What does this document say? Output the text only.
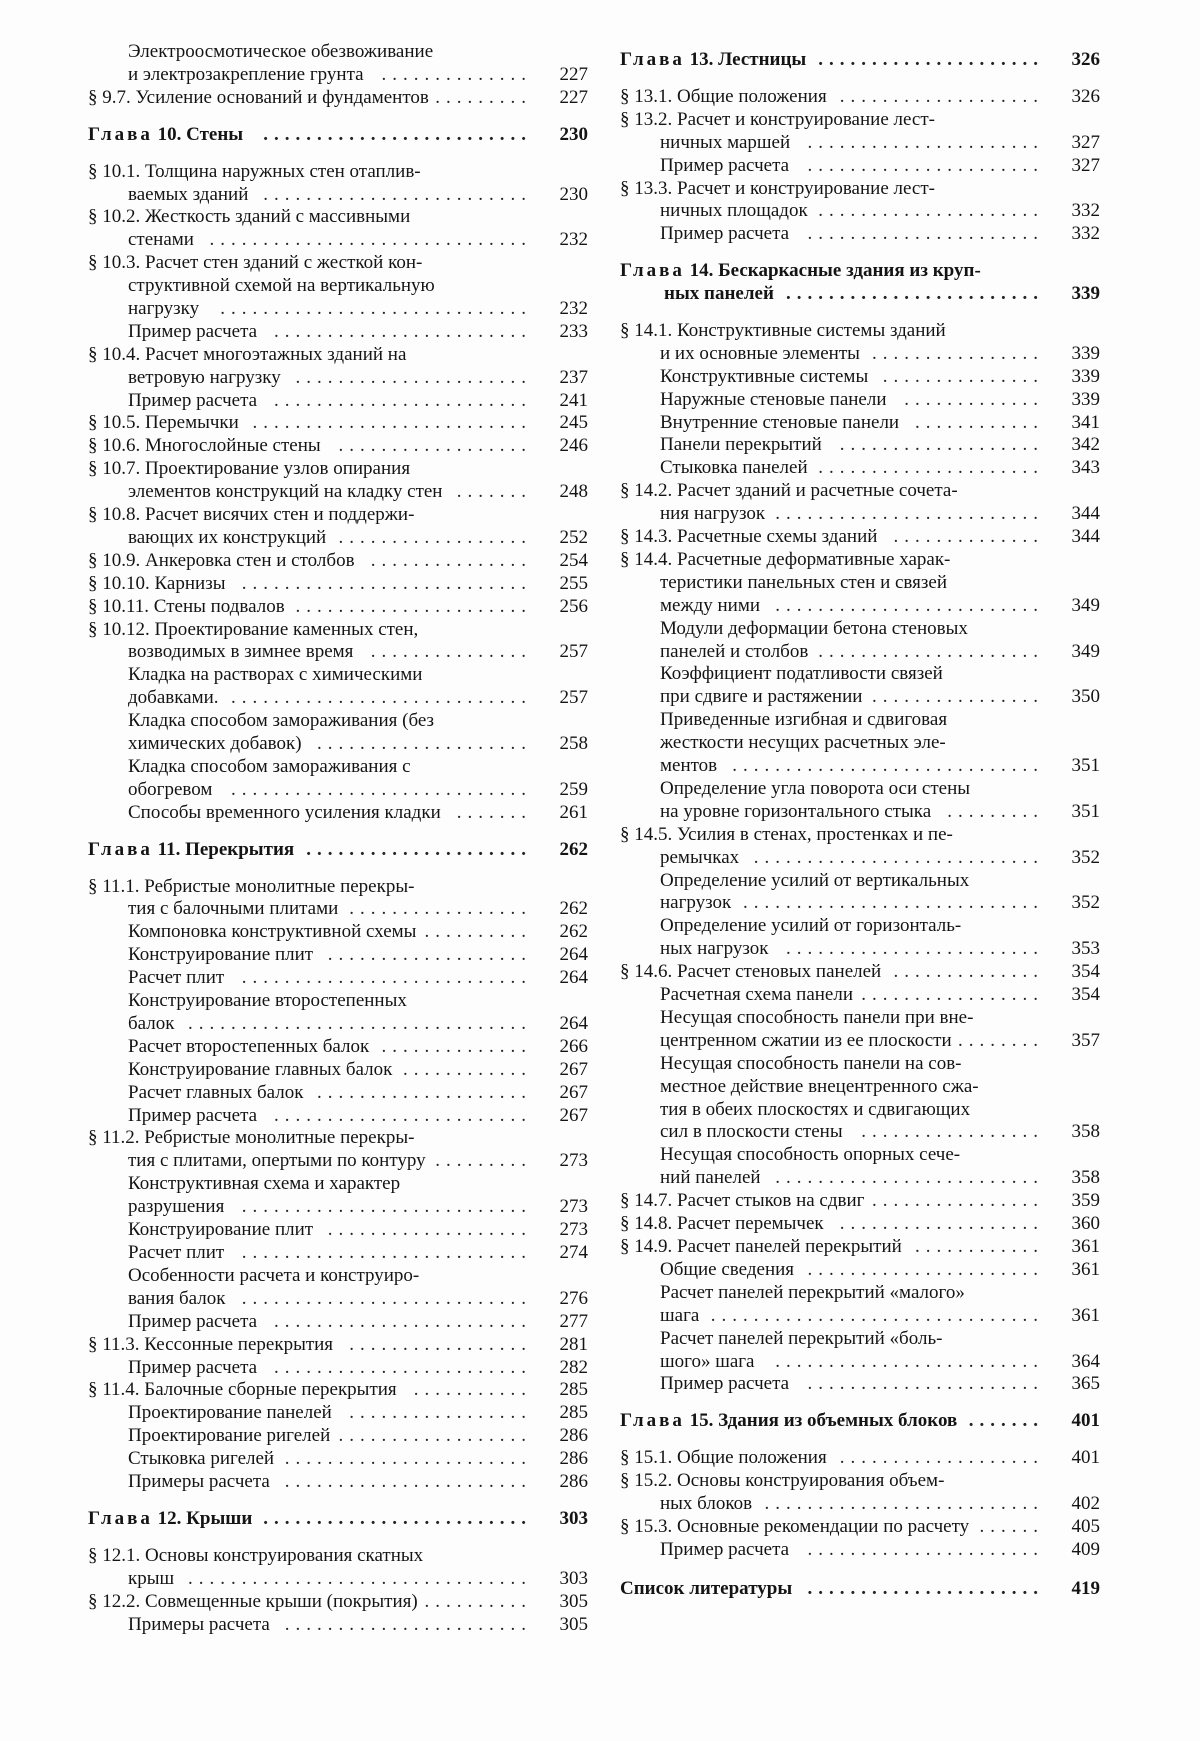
Электроосмотическое обезвоживание
и электрозакрепление грунта ..............	227
§ 9.7. Усиление оснований и фундаментов .........	227
Глава 10. Стены .........................	230
§ 10.1. Толщина наружных стен отаплив-
ваемых зданий .........................	230
§ 10.2. Жесткость зданий с массивными
стенами ..............................	232
§ 10.3. Расчет стен зданий с жесткой кон-
структивной схемой на вертикальную
нагрузку .............................	232
Пример расчета ........................	233
§ 10.4. Расчет многоэтажных зданий на
ветровую нагрузку ......................	237
Пример расчета ........................	241
§ 10.5. Перемычки ..........................	245
§ 10.6. Многослойные стены ..................	246
§ 10.7. Проектирование узлов опирания
элементов конструкций на кладку стен .......	248
§ 10.8. Расчет висячих стен и поддержи-
вающих их конструкций ..................	252
§ 10.9. Анкеровка стен и столбов ...............	254
§ 10.10. Карнизы ...........................	255
§ 10.11. Стены подвалов ......................	256
§ 10.12. Проектирование каменных стен,
возводимых в зимнее время ...............	257
Кладка на растворах с химическими
добавками. ............................	257
Кладка способом замораживания (без
химических добавок) ....................	258
Кладка способом замораживания с
обогревом ............................	259
Способы временного усиления кладки .......	261
Глава 11. Перекрытия .....................	262
§ 11.1. Ребристые монолитные перекры-
тия с балочными плитами .................	262
Компоновка конструктивной схемы ..........	262
Конструирование плит ...................	264
Расчет плит ...........................	264
Конструирование второстепенных
балок ................................	264
Расчет второстепенных балок ..............	266
Конструирование главных балок ............	267
Расчет главных балок ....................	267
Пример расчета ........................	267
§ 11.2. Ребристые монолитные перекры-
тия с плитами, опертыми по контуру .........	273
Конструктивная схема и характер
разрушения ...........................	273
Конструирование плит ...................	273
Расчет плит ...........................	274
Особенности расчета и конструиро-
вания балок ...........................	276
Пример расчета ........................	277
§ 11.3. Кессонные перекрытия .................	281
Пример расчета ........................	282
§ 11.4. Балочные сборные перекрытия ...........	285
Проектирование панелей .................	285
Проектирование ригелей ..................	286
Стыковка ригелей .......................	286
Примеры расчета .......................	286
Глава 12. Крыши .........................	303
§ 12.1. Основы конструирования скатных
крыш ................................	303
§ 12.2. Совмещенные крыши (покрытия) ..........	305
Примеры расчета .......................	305
Глава 13. Лестницы .....................	326
§ 13.1. Общие положения ...................	326
§ 13.2. Расчет и конструирование лест-
ничных маршей ......................	327
Пример расчета ......................	327
§ 13.3. Расчет и конструирование лест-
ничных площадок .....................	332
Пример расчета ......................	332
Глава 14. Бескаркасные здания из круп-
ных панелей ........................	339
§ 14.1. Конструктивные системы зданий
и их основные элементы ................	339
Конструктивные системы ...............	339
Наружные стеновые панели .............	339
Внутренние стеновые панели ............	341
Панели перекрытий ...................	342
Стыковка панелей .....................	343
§ 14.2. Расчет зданий и расчетные сочета-
ния нагрузок .........................	344
§ 14.3. Расчетные схемы зданий ..............	344
§ 14.4. Расчетные деформативные харак-
теристики панельных стен и связей
между ними .........................	349
Модули деформации бетона стеновых
панелей и столбов .....................	349
Коэффициент податливости связей
при сдвиге и растяжении ................	350
Приведенные изгибная и сдвиговая
жесткости несущих расчетных эле-
ментов .............................	351
Определение угла поворота оси стены
на уровне горизонтального стыка .........	351
§ 14.5. Усилия в стенах, простенках и пе-
ремычках ...........................	352
Определение усилий от вертикальных
нагрузок ............................	352
Определение усилий от горизонталь-
ных нагрузок ........................	353
§ 14.6. Расчет стеновых панелей ..............	354
Расчетная схема панели .................	354
Несущая способность панели при вне-
центренном сжатии из ее плоскости ........	357
Несущая способность панели на сов-
местное действие внецентренного сжа-
тия в обеих плоскостях и сдвигающих
сил в плоскости стены .................	358
Несущая способность опорных сече-
ний панелей .........................	358
§ 14.7. Расчет стыков на сдвиг ................	359
§ 14.8. Расчет перемычек ...................	360
§ 14.9. Расчет панелей перекрытий ............	361
Общие сведения ......................	361
Расчет панелей перекрытий «малого»
шага ...............................	361
Расчет панелей перекрытий «боль-
шого» шага .........................	364
Пример расчета ......................	365
Глава 15. Здания из объемных блоков .......	401
§ 15.1. Общие положения ...................	401
§ 15.2. Основы конструирования объем-
ных блоков ..........................	402
§ 15.3. Основные рекомендации по расчету ......	405
Пример расчета ......................	409
Список литературы ......................	419
